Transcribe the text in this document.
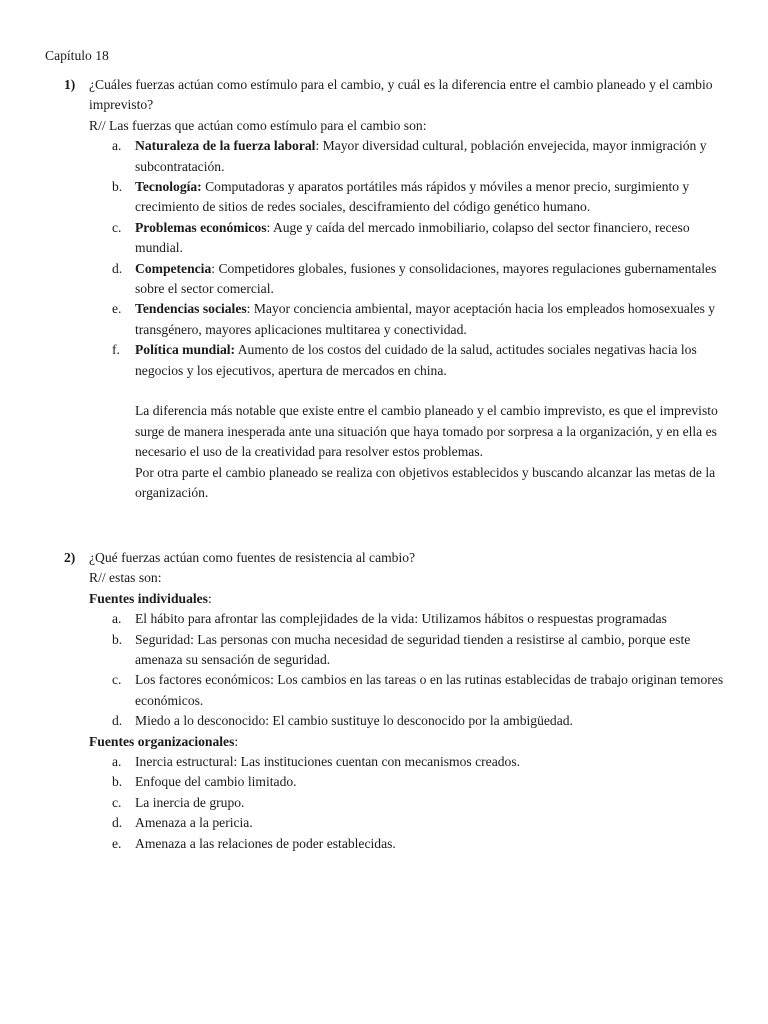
Capítulo 18
1) ¿Cuáles fuerzas actúan como estímulo para el cambio, y cuál es la diferencia entre el cambio planeado y el cambio imprevisto?
R// Las fuerzas que actúan como estímulo para el cambio son:
a. Naturaleza de la fuerza laboral: Mayor diversidad cultural, población envejecida, mayor inmigración y subcontratación.
b. Tecnología: Computadoras y aparatos portátiles más rápidos y móviles a menor precio, surgimiento y crecimiento de sitios de redes sociales, desciframiento del código genético humano.
c. Problemas económicos: Auge y caída del mercado inmobiliario, colapso del sector financiero, receso mundial.
d. Competencia: Competidores globales, fusiones y consolidaciones, mayores regulaciones gubernamentales sobre el sector comercial.
e. Tendencias sociales: Mayor conciencia ambiental, mayor aceptación hacia los empleados homosexuales y transgénero, mayores aplicaciones multitarea y conectividad.
f. Política mundial: Aumento de los costos del cuidado de la salud, actitudes sociales negativas hacia los negocios y los ejecutivos, apertura de mercados en china.
La diferencia más notable que existe entre el cambio planeado y el cambio imprevisto, es que el imprevisto surge de manera inesperada ante una situación que haya tomado por sorpresa a la organización, y en ella es necesario el uso de la creatividad para resolver estos problemas.
Por otra parte el cambio planeado se realiza con objetivos establecidos y buscando alcanzar las metas de la organización.
2) ¿Qué fuerzas actúan como fuentes de resistencia al cambio?
R// estas son:
Fuentes individuales:
a. El hábito para afrontar las complejidades de la vida: Utilizamos hábitos o respuestas programadas
b. Seguridad: Las personas con mucha necesidad de seguridad tienden a resistirse al cambio, porque este amenaza su sensación de seguridad.
c. Los factores económicos: Los cambios en las tareas o en las rutinas establecidas de trabajo originan temores económicos.
d. Miedo a lo desconocido: El cambio sustituye lo desconocido por la ambigüedad.
Fuentes organizacionales:
a. Inercia estructural: Las instituciones cuentan con mecanismos creados.
b. Enfoque del cambio limitado.
c. La inercia de grupo.
d. Amenaza a la pericia.
e. Amenaza a las relaciones de poder establecidas.
